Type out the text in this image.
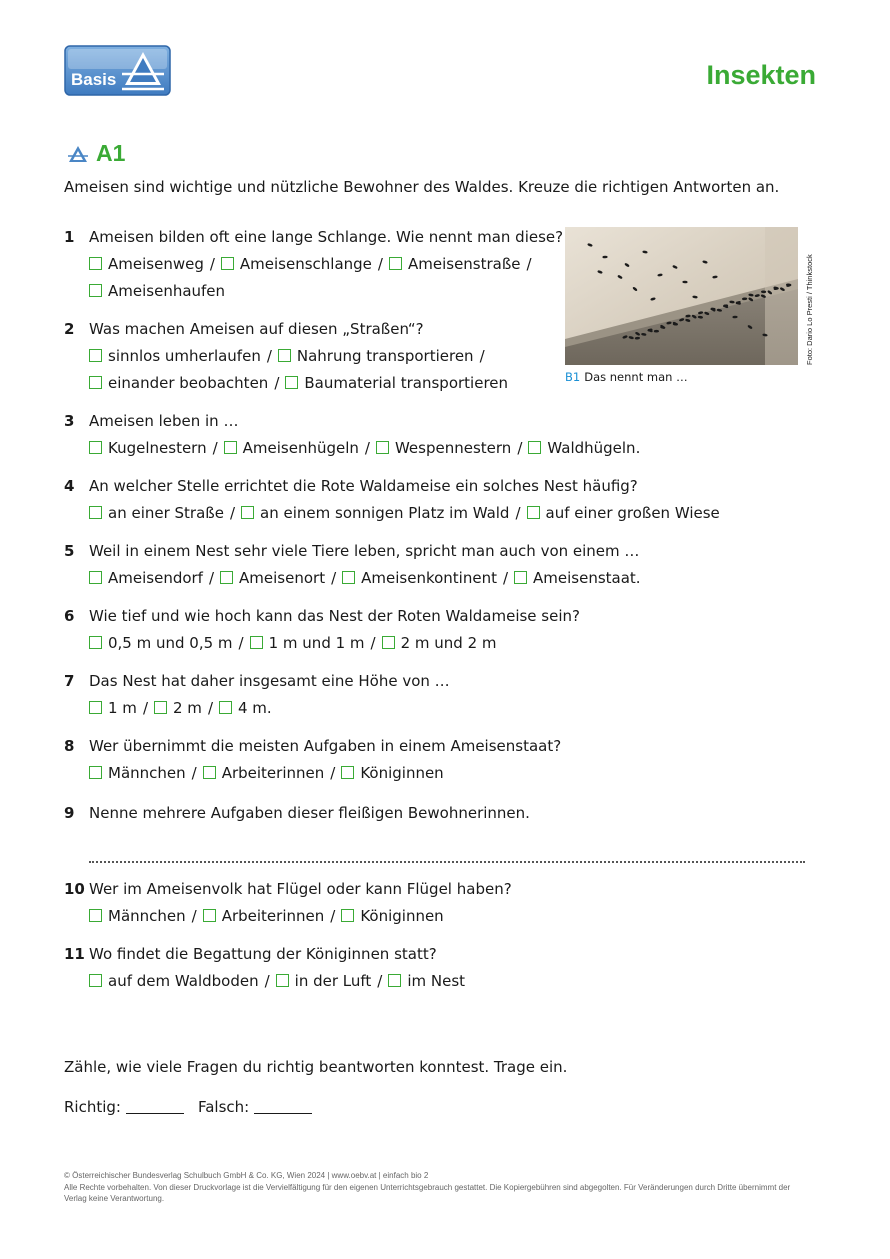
Basis	Insekten
A1
Ameisen sind wichtige und nützliche Bewohner des Waldes. Kreuze die richtigen Antworten an.
Foto: Dario Lo Presti / Thinkstock
B1 Das nennt man …
1 Ameisen bilden oft eine lange Schlange. Wie nennt man diese?
Ameisenweg / Ameisenschlange / Ameisenstraße /
Ameisenhaufen
2 Was machen Ameisen auf diesen „Straßen“?
sinnlos umherlaufen / Nahrung transportieren /
einander beobachten / Baumaterial transportieren
3 Ameisen leben in …
Kugelnestern / Ameisenhügeln / Wespennestern / Waldhügeln.
4 An welcher Stelle errichtet die Rote Waldameise ein solches Nest häufig?
an einer Straße / an einem sonnigen Platz im Wald / auf einer großen Wiese
5 Weil in einem Nest sehr viele Tiere leben, spricht man auch von einem …
Ameisendorf / Ameisenort / Ameisenkontinent / Ameisenstaat.
6 Wie tief und wie hoch kann das Nest der Roten Waldameise sein?
0,5 m und 0,5 m / 1 m und 1 m / 2 m und 2 m
7 Das Nest hat daher insgesamt eine Höhe von …
1 m / 2 m / 4 m.
8 Wer übernimmt die meisten Aufgaben in einem Ameisenstaat?
Männchen / Arbeiterinnen / Königinnen
9 Nenne mehrere Aufgaben dieser fleißigen Bewohnerinnen.
10 Wer im Ameisenvolk hat Flügel oder kann Flügel haben?
Männchen / Arbeiterinnen / Königinnen
11 Wo findet die Begattung der Königinnen statt?
auf dem Waldboden / in der Luft / im Nest
Zähle, wie viele Fragen du richtig beantworten konntest. Trage ein.
Richtig:	Falsch:
© Österreichischer Bundesverlag Schulbuch GmbH & Co. KG, Wien 2024 | www.oebv.at | einfach bio 2
Alle Rechte vorbehalten. Von dieser Druckvorlage ist die Vervielfältigung für den eigenen Unterrichtsgebrauch gestattet. Die Kopiergebühren sind abgegolten. Für Veränderungen durch Dritte übernimmt der Verlag keine Verantwortung.
